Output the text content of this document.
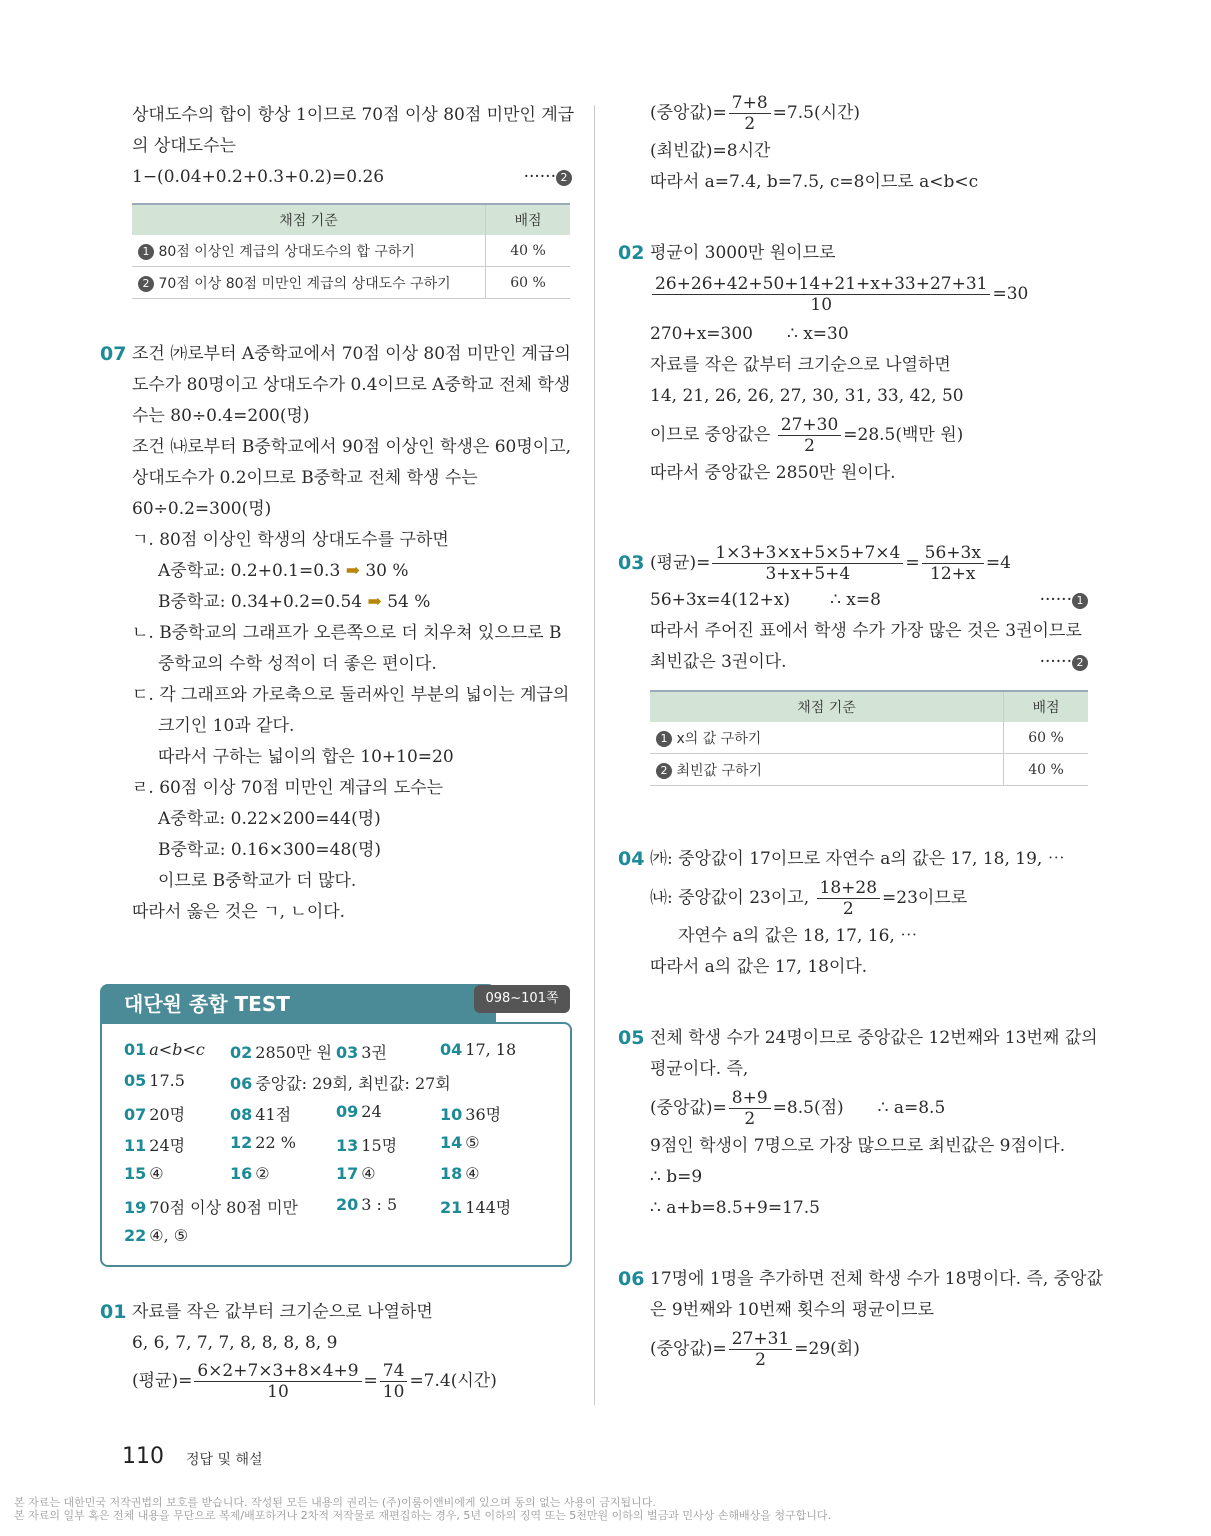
상대도수의 합이 항상 1이므로 70점 이상 80점 미만인 계급
의 상대도수는
1−(0.04+0.2+0.3+0.2)=0.26	······ 2
채점 기준	배점
1 80점 이상인 계급의 상대도수의 합 구하기	40 %
2 70점 이상 80점 미만인 계급의 상대도수 구하기	60 %
07 조건 ㈎로부터 A중학교에서 70점 이상 80점 미만인 계급의
도수가 80명이고 상대도수가 0.4이므로 A중학교 전체 학생
수는 80÷0.4=200(명)
조건 ㈏로부터 B중학교에서 90점 이상인 학생은 60명이고,
상대도수가 0.2이므로 B중학교 전체 학생 수는
60÷0.2=300(명)
ㄱ. 80점 이상인 학생의 상대도수를 구하면
A중학교: 0.2+0.1=0.3 ➡ 30 %
B중학교: 0.34+0.2=0.54 ➡ 54 %
ㄴ. B중학교의 그래프가 오른쪽으로 더 치우쳐 있으므로 B
중학교의 수학 성적이 더 좋은 편이다.
ㄷ. 각 그래프와 가로축으로 둘러싸인 부분의 넓이는 계급의
크기인 10과 같다.
따라서 구하는 넓이의 합은 10+10=20
ㄹ. 60점 이상 70점 미만인 계급의 도수는
A중학교: 0.22×200=44(명)
B중학교: 0.16×300=48(명)
이므로 B중학교가 더 많다.
따라서 옳은 것은 ㄱ, ㄴ이다.
대단원 종합 TEST	098~101쪽
01 a<b<c 02 2850만 원 03 3권	04 17, 18
05 17.5	06 중앙값: 29회, 최빈값: 27회
07 20명	08 41점	09 24	10 36명
11 24명	12 22 %	13 15명	14 ⑤
15 ④	16 ②	17 ④	18 ④
19 70점 이상 80점 미만 20 3 : 5	21 144명
22 ④, ⑤
01 자료를 작은 값부터 크기순으로 나열하면
6, 6, 7, 7, 7, 8, 8, 8, 8, 9
(평균)= $\frac{6\times 2+7\times 3+8\times 4+9}{10} = \frac{74}{10} =7.4$(시간)
(중앙값)= $\frac{7+8}{2} =7.5$(시간)
(최빈값)=8시간
따라서 a=7.4, b=7.5, c=8이므로 a<b<c
02 평균이 3000만 원이므로
$\frac{26+26+42+50+14+21+x+33+27+31}{10} =30$
270+x=300 ∴ x=30
자료를 작은 값부터 크기순으로 나열하면
14, 21, 26, 26, 27, 30, 31, 33, 42, 50
이므로 중앙값은 $\frac{27+30}{2} =28.5$(백만 원)
따라서 중앙값은 2850만 원이다.
03 (평균)= $\frac{1\times 3+3\times x+5\times 5+7\times 4}{3+x+5+4} = \frac{56+3x}{12+x} =4$
56+3x=4(12+x) ∴ x=8	······ 1
따라서 주어진 표에서 학생 수가 가장 많은 것은 3권이므로
최빈값은 3권이다.	······ 2
채점 기준	배점
1 x의 값 구하기	60 %
2 최빈값 구하기	40 %
04 ㈎: 중앙값이 17이므로 자연수 a의 값은 17, 18, 19, ⋯
㈏: 중앙값이 23이고, $\frac{18+28}{2} =23$이므로
자연수 a의 값은 18, 17, 16, ⋯
따라서 a의 값은 17, 18이다.
05 전체 학생 수가 24명이므로 중앙값은 12번째와 13번째 값의
평균이다. 즉,
(중앙값)= $\frac{8+9}{2} =8.5$(점) ∴ a=8.5
9점인 학생이 7명으로 가장 많으므로 최빈값은 9점이다.
∴ b=9
∴ a+b=8.5+9=17.5
06 17명에 1명을 추가하면 전체 학생 수가 18명이다. 즉, 중앙값
은 9번째와 10번째 횟수의 평균이므로
(중앙값)= $\frac{27+31}{2} =29$(회)
110 정답 및 해설
본 자료는 대한민국 저작권법의 보호를 받습니다. 작성된 모든 내용의 권리는 (주)이룸이앤비에게 있으며 동의 없는 사용이 금지됩니다.
본 자료의 일부 혹은 전체 내용을 무단으로 복제/배포하거나 2차적 저작물로 재편집하는 경우, 5년 이하의 징역 또는 5천만원 이하의 벌금과 민사상 손해배상을 청구합니다.
